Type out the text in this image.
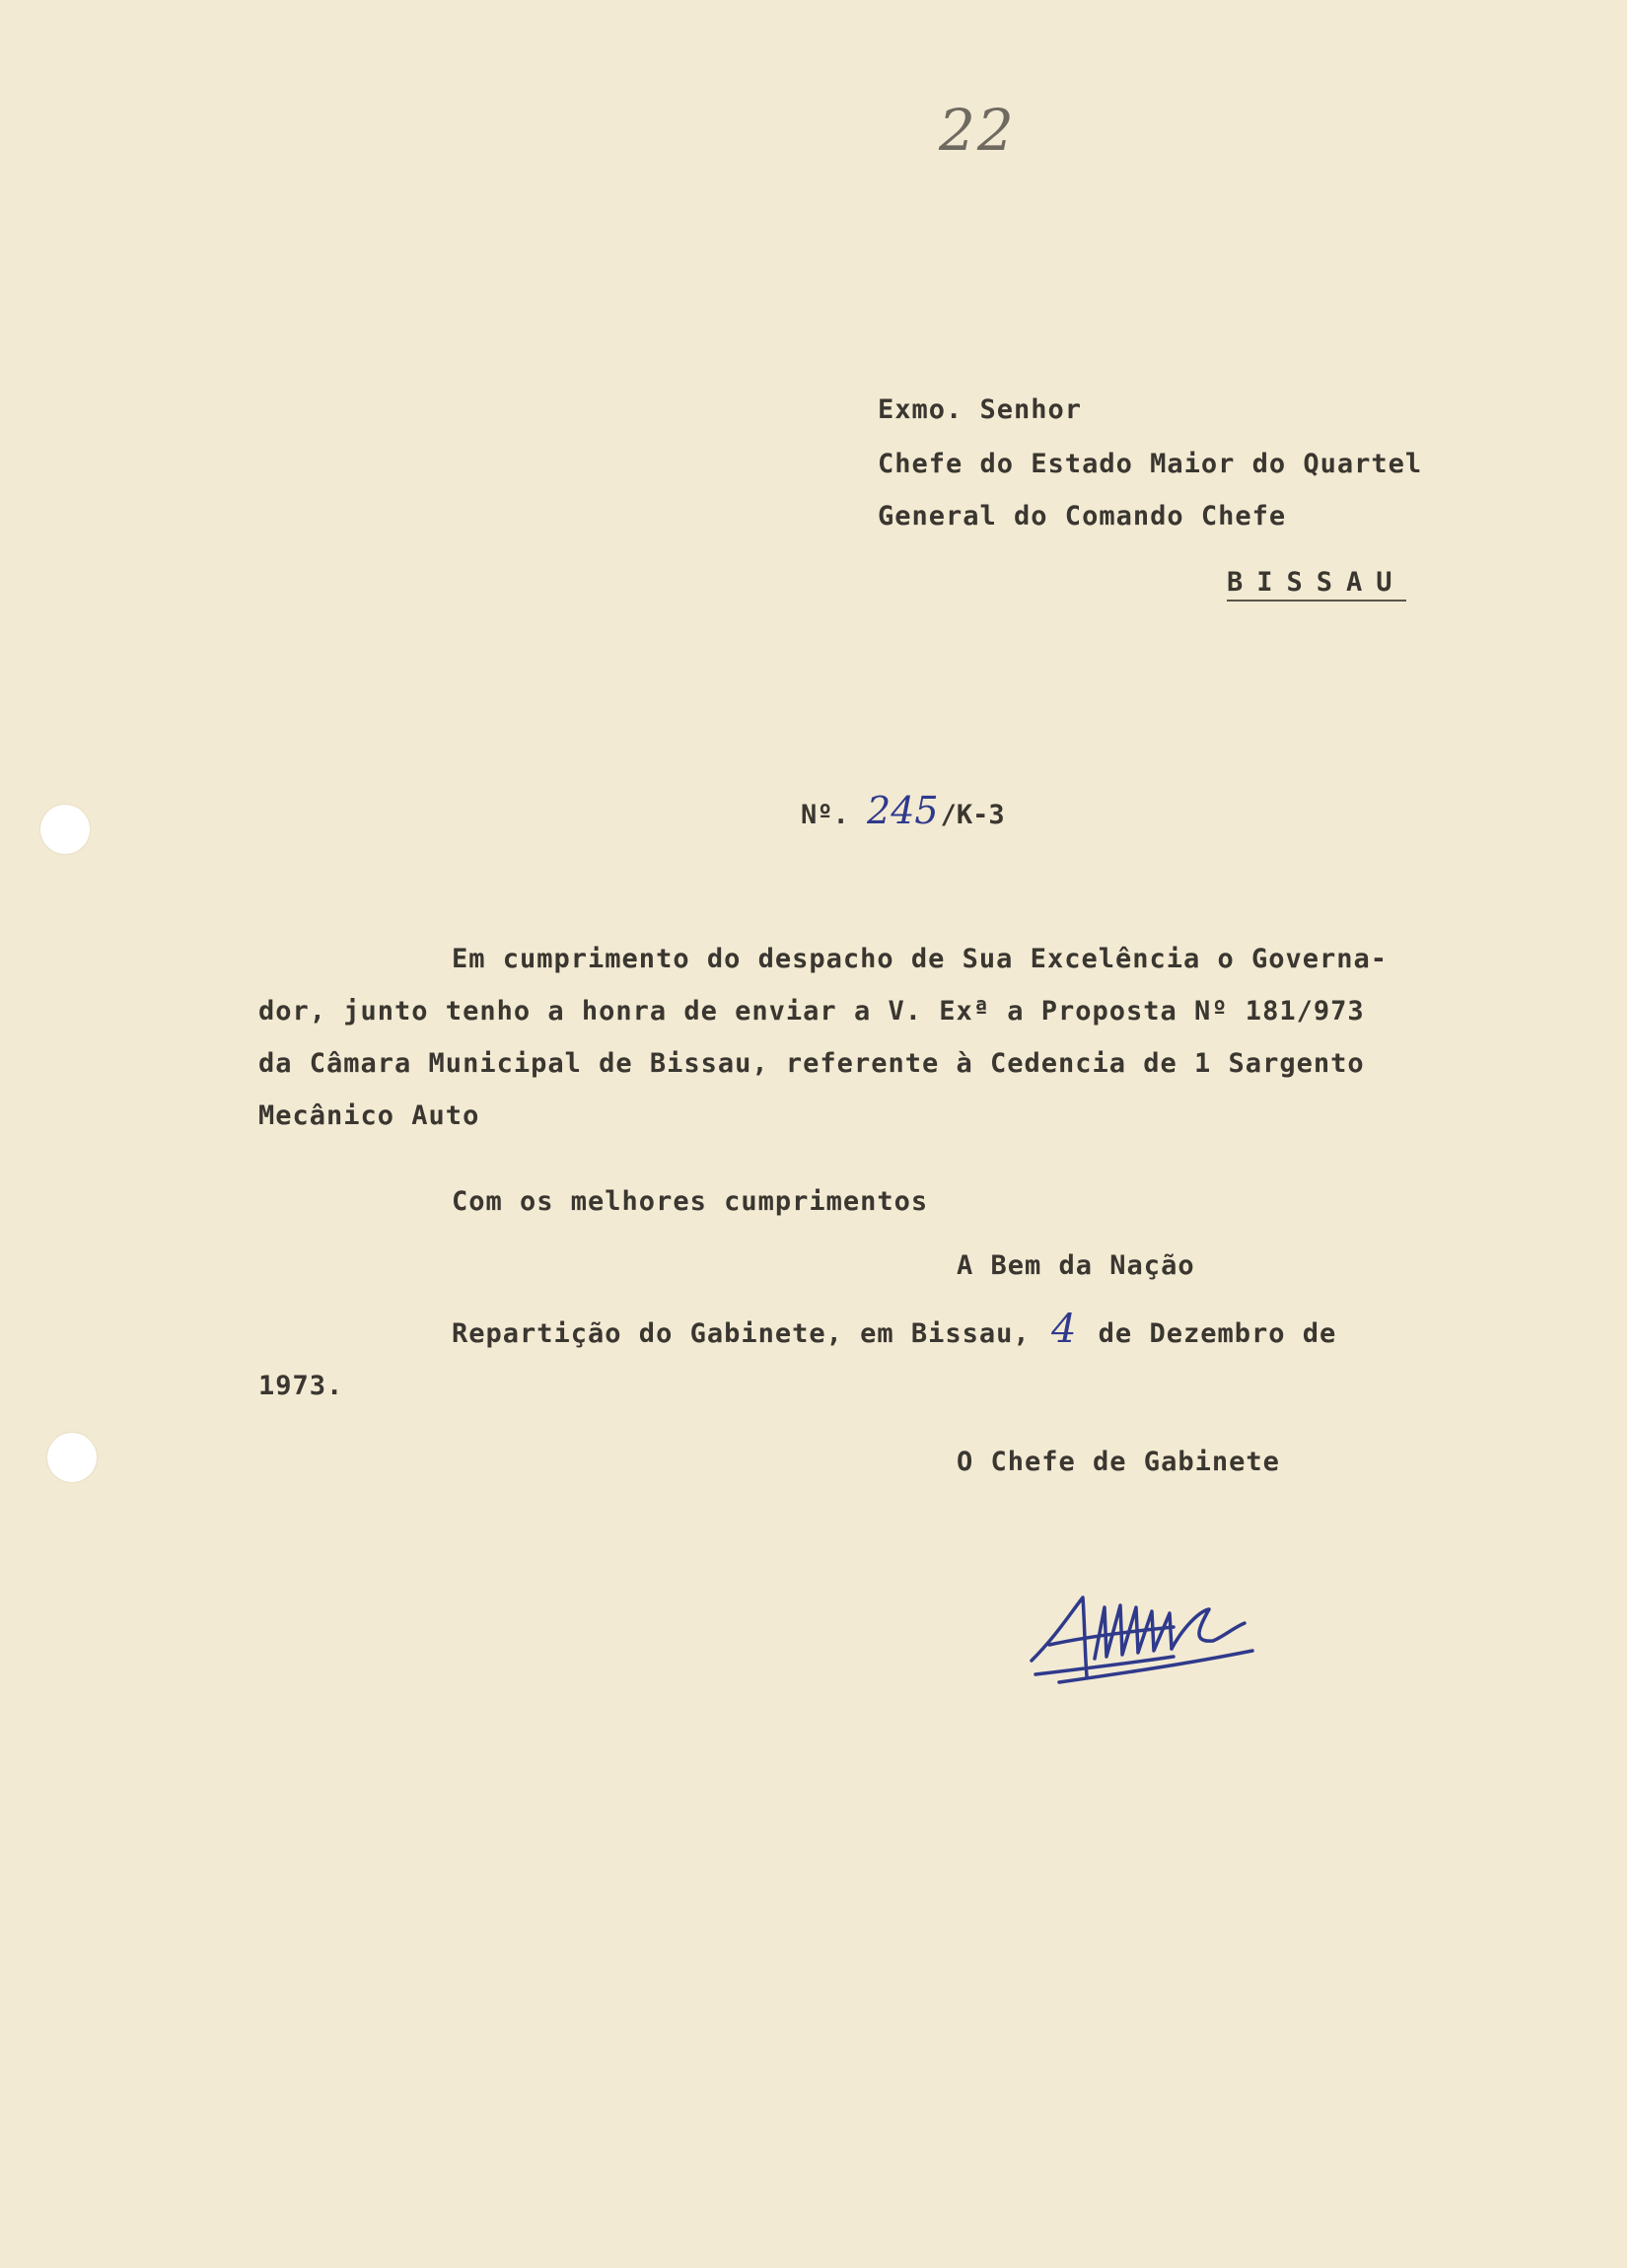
22
Exmo. Senhor
Chefe do Estado Maior do Quartel
General do Comando Chefe
BISSAU
Nº. 245/K-3
Em cumprimento do despacho de Sua Excelência o Governa-
dor, junto tenho a honra de enviar a V. Exª a Proposta Nº 181/973
da Câmara Municipal de Bissau, referente à Cedencia de 1 Sargento
Mecânico Auto
Com os melhores cumprimentos
A Bem da Nação
Repartição do Gabinete, em Bissau, 4 de Dezembro de
1973.
O Chefe de Gabinete
